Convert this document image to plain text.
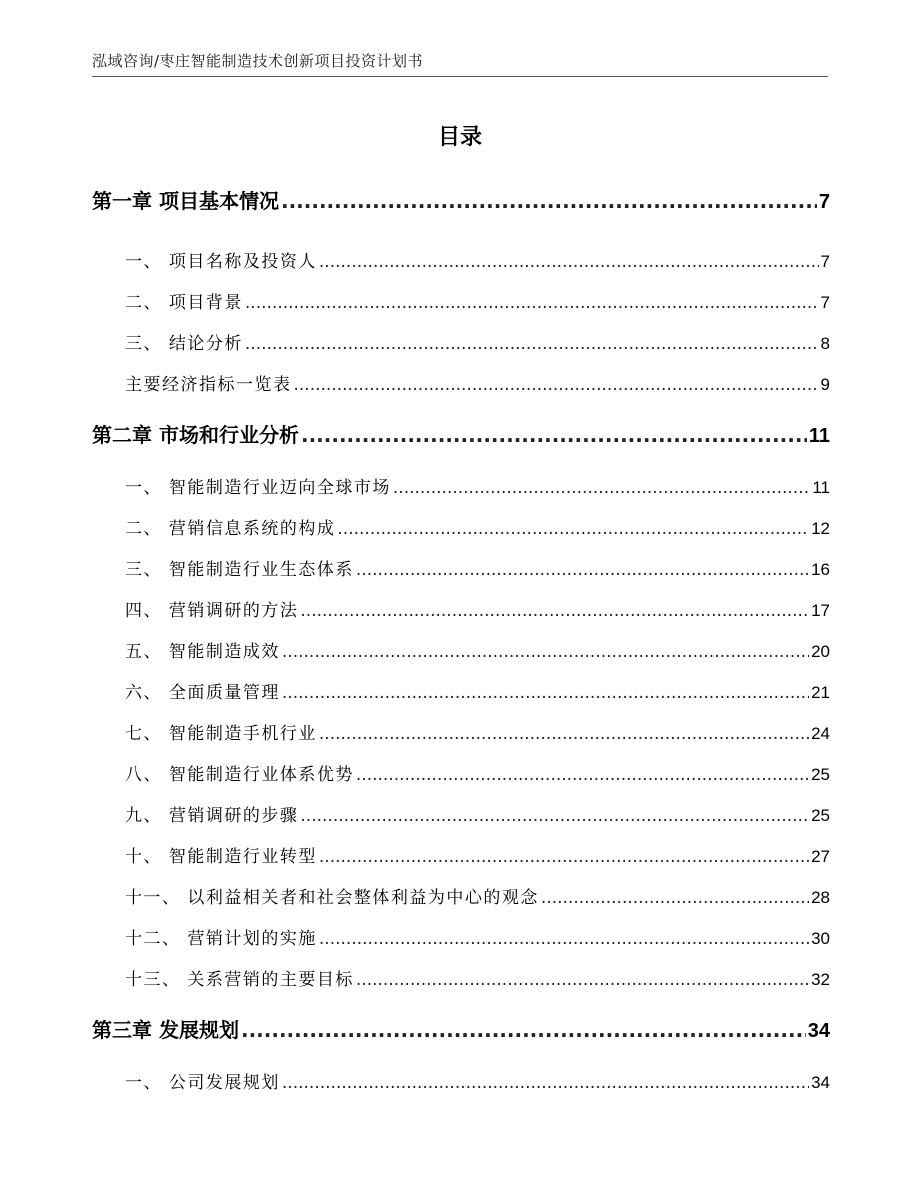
泓域咨询/枣庄智能制造技术创新项目投资计划书
目录
第一章 项目基本情况 .....	7
一、 项目名称及投资人 .....	7
二、 项目背景 .....	7
三、 结论分析 .....	8
主要经济指标一览表 .....	9
第二章 市场和行业分析 .....	11
一、 智能制造行业迈向全球市场 .....	11
二、 营销信息系统的构成 .....	12
三、 智能制造行业生态体系 .....	16
四、 营销调研的方法 .....	17
五、 智能制造成效 .....	20
六、 全面质量管理 .....	21
七、 智能制造手机行业 .....	24
八、 智能制造行业体系优势 .....	25
九、 营销调研的步骤 .....	25
十、 智能制造行业转型 .....	27
十一、 以利益相关者和社会整体利益为中心的观念 .....	28
十二、 营销计划的实施 .....	30
十三、 关系营销的主要目标 .....	32
第三章 发展规划 .....	34
一、 公司发展规划 .....	34
